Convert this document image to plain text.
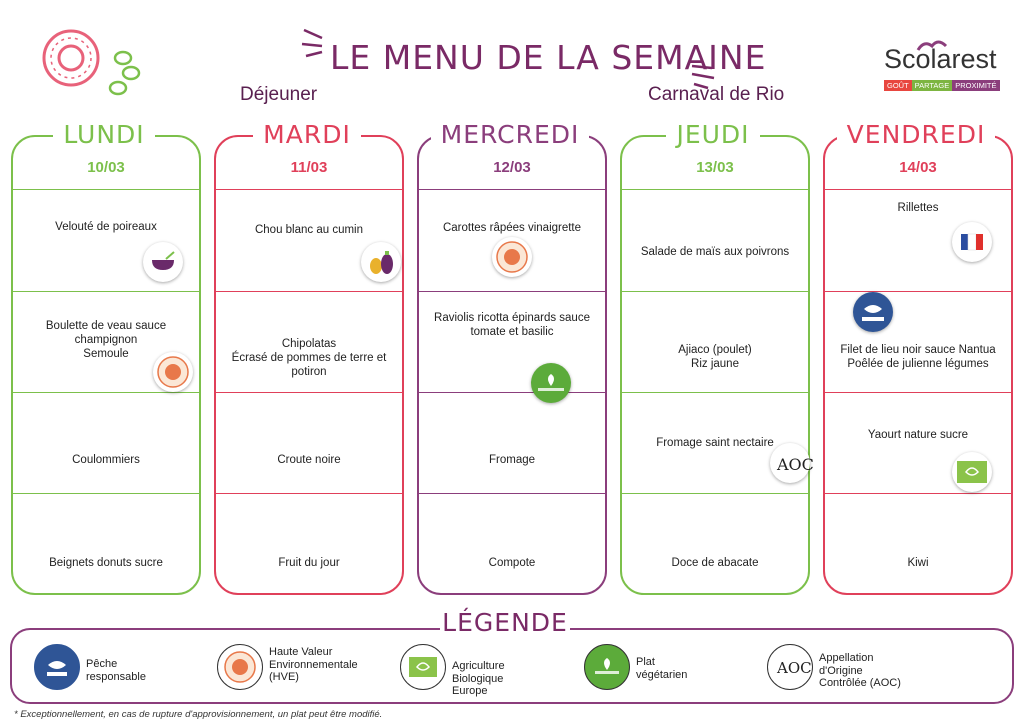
LE MENU DE LA SEMAINE
Déjeuner	Carnaval de Rio
Scolarest
GOÛT PARTAGE PROXIMITÉ
10/03
Velouté de poireaux
Boulette de veau sauce champignon
Semoule
Coulommiers
Beignets donuts sucre
LUNDI
11/03
Chou blanc au cumin
Chipolatas
Écrasé de pommes de terre et potiron
Croute noire
Fruit du jour
MARDI
12/03
Carottes râpées vinaigrette
Raviolis ricotta épinards sauce tomate et basilic
Fromage
Compote
MERCREDI
13/03
Salade de maïs aux poivrons
Ajiaco (poulet)
Riz jaune
Fromage saint nectaire
Doce de abacate
AOC
JEUDI
14/03
Rillettes
Filet de lieu noir sauce Nantua
Poêlée de julienne légumes
Yaourt nature sucre
Kiwi
VENDREDI
Pêche
responsable
Haute Valeur
Environnementale
(HVE)
Agriculture
Biologique
Europe
Plat
végétarien	AOC
Appellation
d'Origine
Contrôlée (AOC)
LÉGENDE
* Exceptionnellement, en cas de rupture d'approvisionnement, un plat peut être modifié.
